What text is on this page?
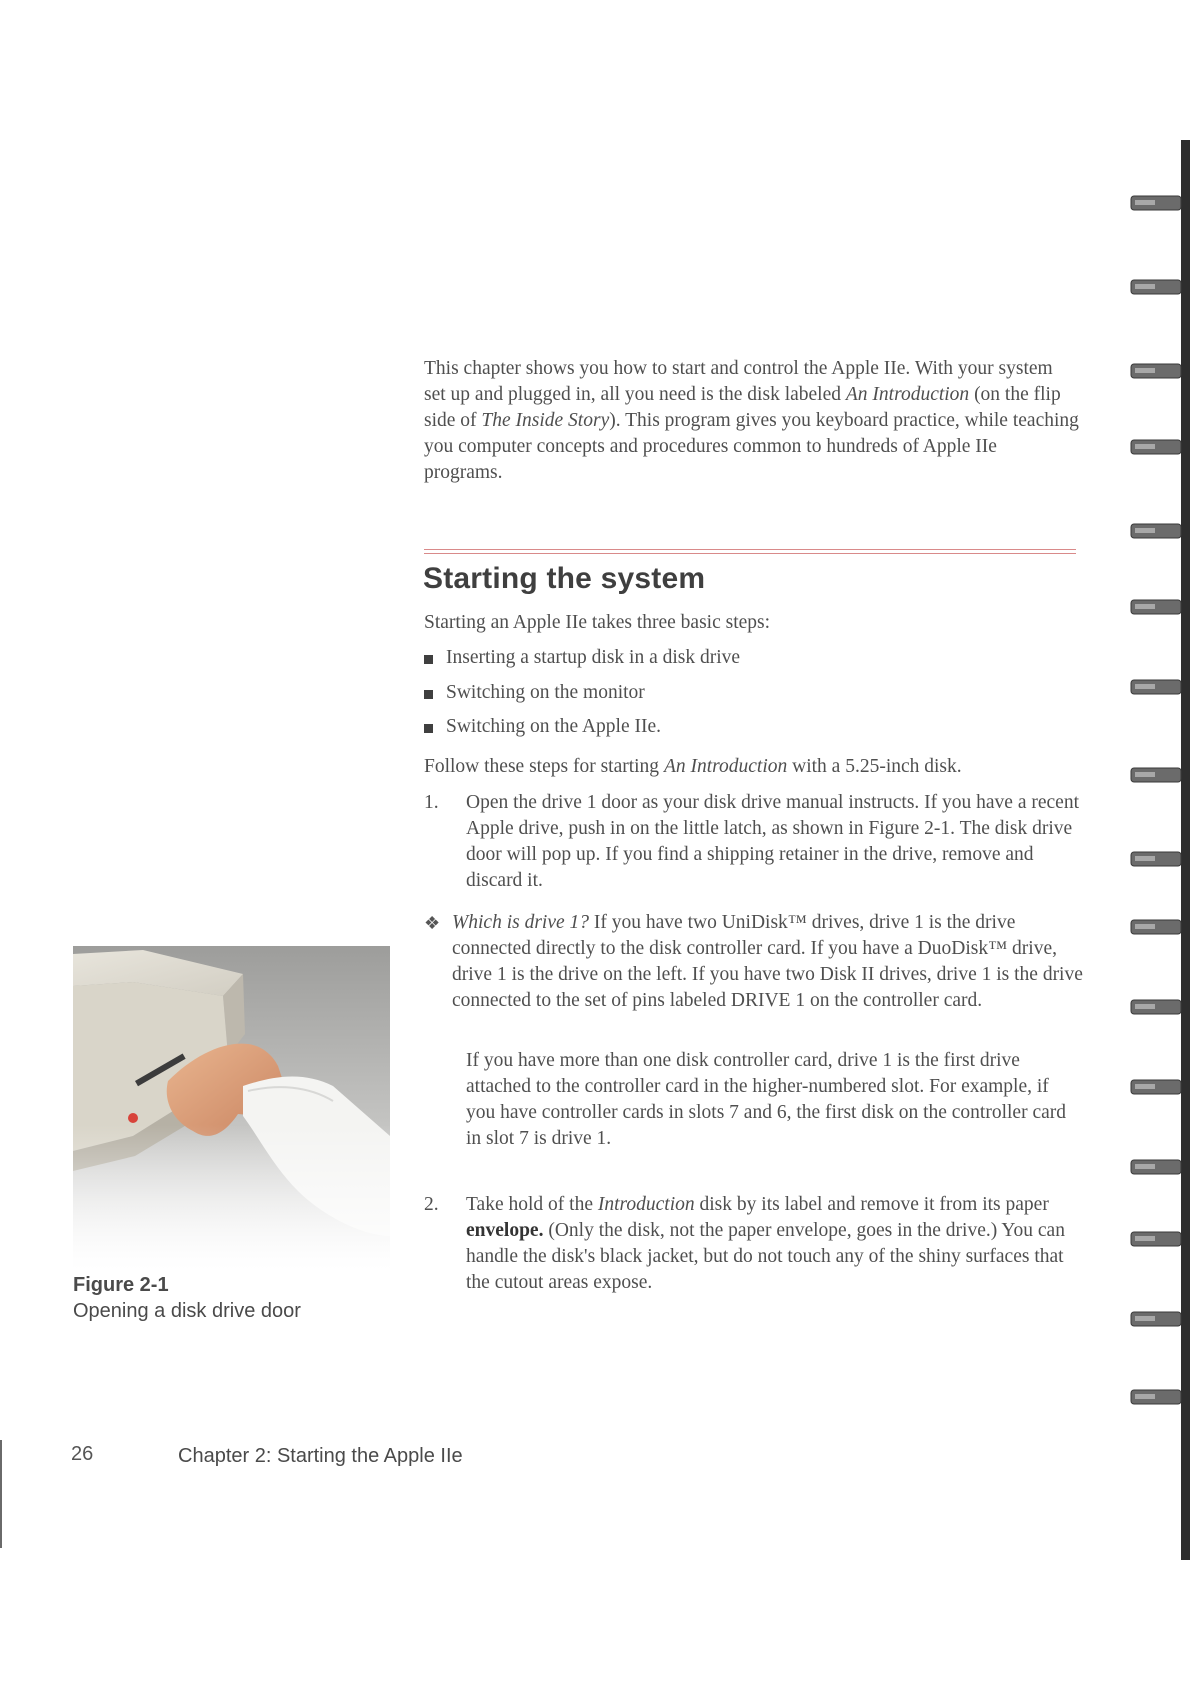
This chapter shows you how to start and control the Apple IIe. With your system set up and plugged in, all you need is the disk labeled An Introduction (on the flip side of The Inside Story). This program gives you keyboard practice, while teaching you computer concepts and procedures common to hundreds of Apple IIe programs.

Starting the system

Starting an Apple IIe takes three basic steps:

Inserting a startup disk in a disk drive
Switching on the monitor
Switching on the Apple IIe.

Follow these steps for starting An Introduction with a 5.25-inch disk.

1. Open the drive 1 door as your disk drive manual instructs. If you have a recent Apple drive, push in on the little latch, as shown in Figure 2-1. The disk drive door will pop up. If you find a shipping retainer in the drive, remove and discard it.
❖ Which is drive 1? If you have two UniDisk™ drives, drive 1 is the drive connected directly to the disk controller card. If you have a DuoDisk™ drive, drive 1 is the drive on the left. If you have two Disk II drives, drive 1 is the drive connected to the set of pins labeled DRIVE 1 on the controller card.
If you have more than one disk controller card, drive 1 is the first drive attached to the controller card in the higher-numbered slot. For example, if you have controller cards in slots 7 and 6, the first disk on the controller card in slot 7 is drive 1.
2. Take hold of the Introduction disk by its label and remove it from its paper envelope. (Only the disk, not the paper envelope, goes in the drive.) You can handle the disk's black jacket, but do not touch any of the shiny surfaces that the cutout areas expose.
Figure 2-1
Opening a disk drive door
26	Chapter 2: Starting the Apple IIe
